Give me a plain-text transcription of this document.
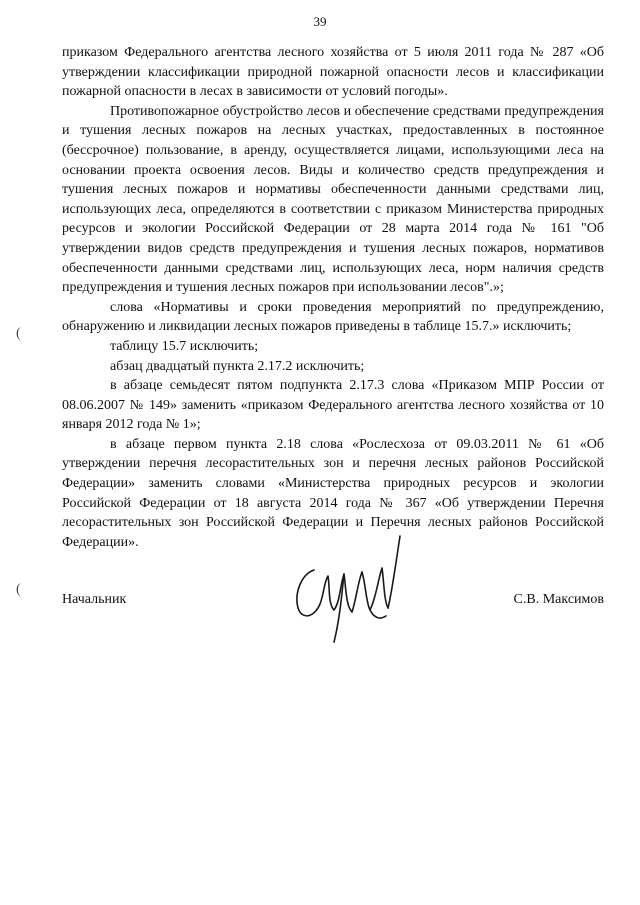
39
(
(

приказом Федерального агентства лесного хозяйства от 5 июля 2011 года № 287 «Об утверждении классификации природной пожарной опасности лесов и классификации пожарной опасности в лесах в зависимости от условий погоды».

Противопожарное обустройство лесов и обеспечение средствами предупреждения и тушения лесных пожаров на лесных участках, предоставленных в постоянное (бессрочное) пользование, в аренду, осуществляется лицами, использующими леса на основании проекта освоения лесов. Виды и количество средств предупреждения и тушения лесных пожаров и нормативы обеспеченности данными средствами лиц, использующих леса, определяются в соответствии с приказом Министерства природных ресурсов и экологии Российской Федерации от 28 марта 2014 года № 161 "Об утверждении видов средств предупреждения и тушения лесных пожаров, нормативов обеспеченности данными средствами лиц, использующих леса, норм наличия средств предупреждения и тушения лесных пожаров при использовании лесов".»;

слова «Нормативы и сроки проведения мероприятий по предупреждению, обнаружению и ликвидации лесных пожаров приведены в таблице 15.7.» исключить;

таблицу 15.7 исключить;

абзац двадцатый пункта 2.17.2 исключить;

в абзаце семьдесят пятом подпункта 2.17.3 слова «Приказом МПР России от 08.06.2007 № 149» заменить «приказом Федерального агентства лесного хозяйства от 10 января 2012 года № 1»;

в абзаце первом пункта 2.18 слова «Рослесхоза от 09.03.2011 № 61 «Об утверждении перечня лесорастительных зон и перечня лесных районов Российской Федерации» заменить словами «Министерства природных ресурсов и экологии Российской Федерации от 18 августа 2014 года № 367 «Об утверждении Перечня лесорастительных зон Российской Федерации и Перечня лесных районов Российской Федерации».

Начальник	С.В. Максимов
